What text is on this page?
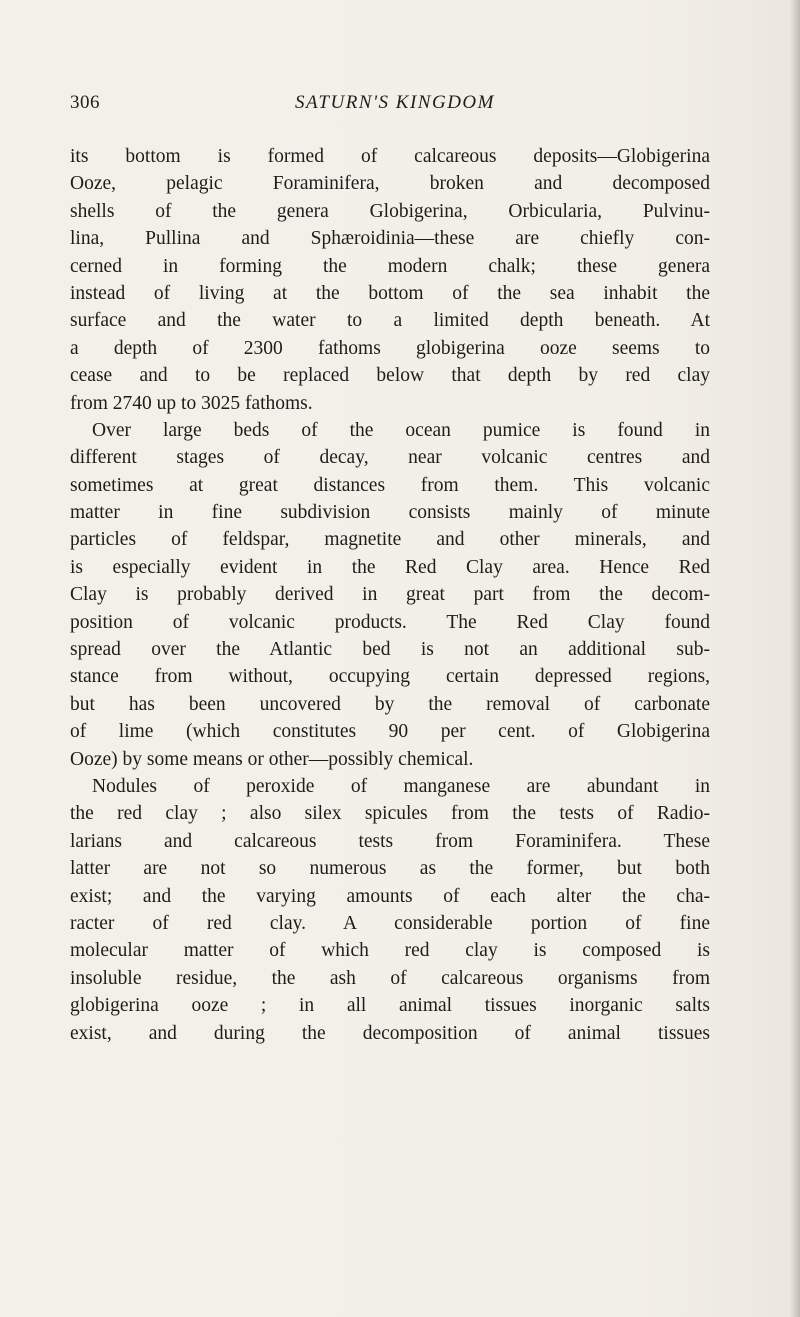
306	SATURN'S KINGDOM
its bottom is formed of calcareous deposits—Globigerina
Ooze, pelagic Foraminifera, broken and decomposed
shells of the genera Globigerina, Orbicularia, Pulvinu-
lina, Pullina and Sphæroidinia—these are chiefly con-
cerned in forming the modern chalk; these genera
instead of living at the bottom of the sea inhabit the
surface and the water to a limited depth beneath. At
a depth of 2300 fathoms globigerina ooze seems to
cease and to be replaced below that depth by red clay
from 2740 up to 3025 fathoms.
Over large beds of the ocean pumice is found in
different stages of decay, near volcanic centres and
sometimes at great distances from them. This volcanic
matter in fine subdivision consists mainly of minute
particles of feldspar, magnetite and other minerals, and
is especially evident in the Red Clay area. Hence Red
Clay is probably derived in great part from the decom-
position of volcanic products. The Red Clay found
spread over the Atlantic bed is not an additional sub-
stance from without, occupying certain depressed regions,
but has been uncovered by the removal of carbonate
of lime (which constitutes 90 per cent. of Globigerina
Ooze) by some means or other—possibly chemical.
Nodules of peroxide of manganese are abundant in
the red clay ; also silex spicules from the tests of Radio-
larians and calcareous tests from Foraminifera. These
latter are not so numerous as the former, but both
exist; and the varying amounts of each alter the cha-
racter of red clay. A considerable portion of fine
molecular matter of which red clay is composed is
insoluble residue, the ash of calcareous organisms from
globigerina ooze ; in all animal tissues inorganic salts
exist, and during the decomposition of animal tissues
